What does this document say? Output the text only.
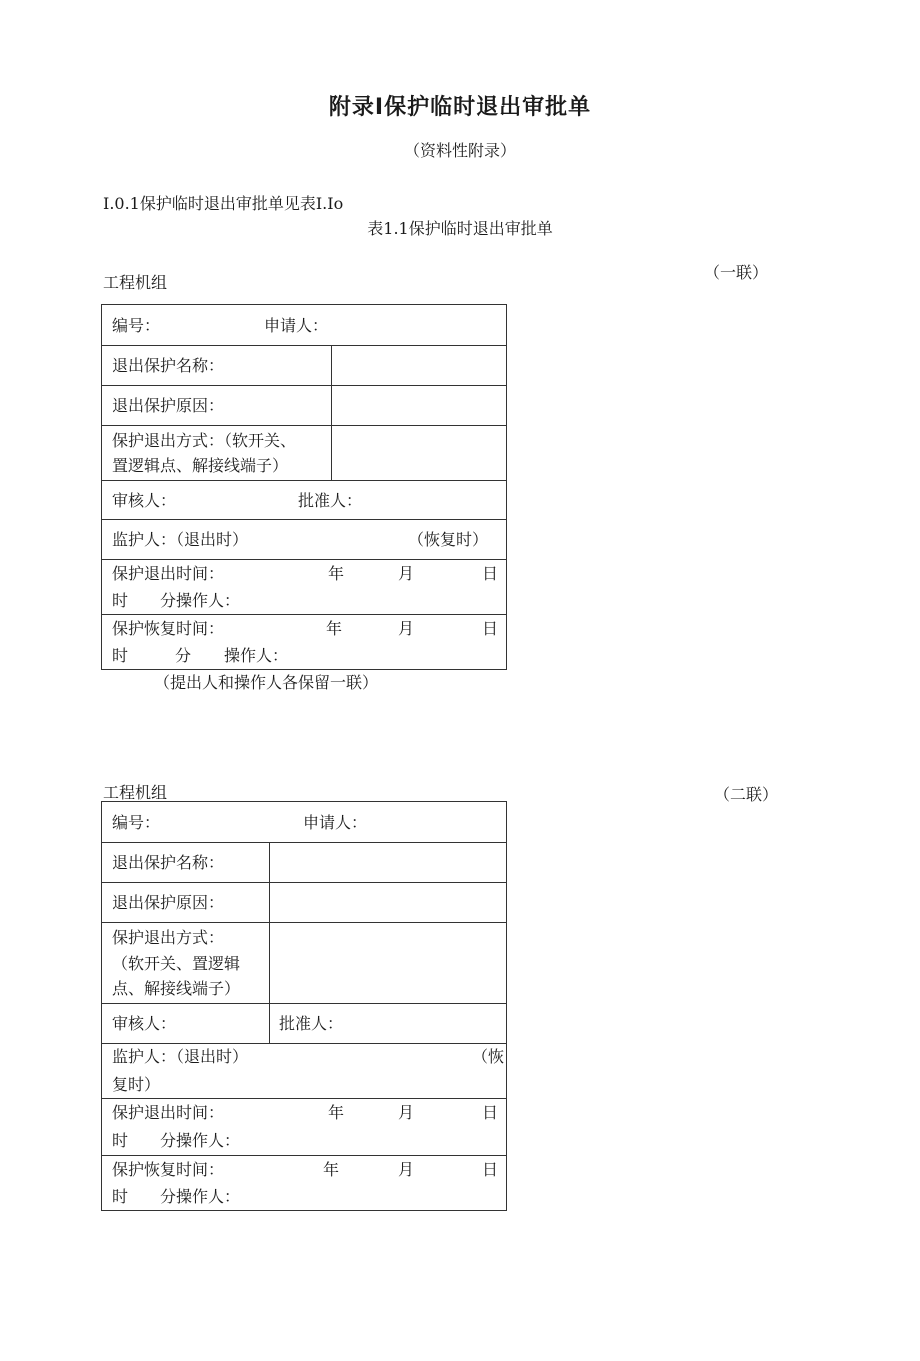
附录I保护临时退出审批单
（资料性附录）
I.0.1保护临时退出审批单见表I.Io
表1.1保护临时退出审批单
工程机组
（一联）
编号：	申请人：
退出保护名称：
退出保护原因：
保护退出方式：（软开关、
置逻辑点、解接线端子）
审核人：	批准人：
监护人：（退出时）	（恢复时）
保护退出时间：	年	月	日
时　　分操作人：
保护恢复时间：	年	月	日
时	分 操作人：
（提出人和操作人各保留一联）
工程机组	（二联）
编号：	申请人：
退出保护名称：
退出保护原因：
保护退出方式：
（软开关、置逻辑
点、解接线端子）
审核人：	批准人：
监护人：（退出时）	（恢
复时）
保护退出时间：	年	月	日
时　　分操作人：
保护恢复时间：	年	月	日
时　　分操作人：
